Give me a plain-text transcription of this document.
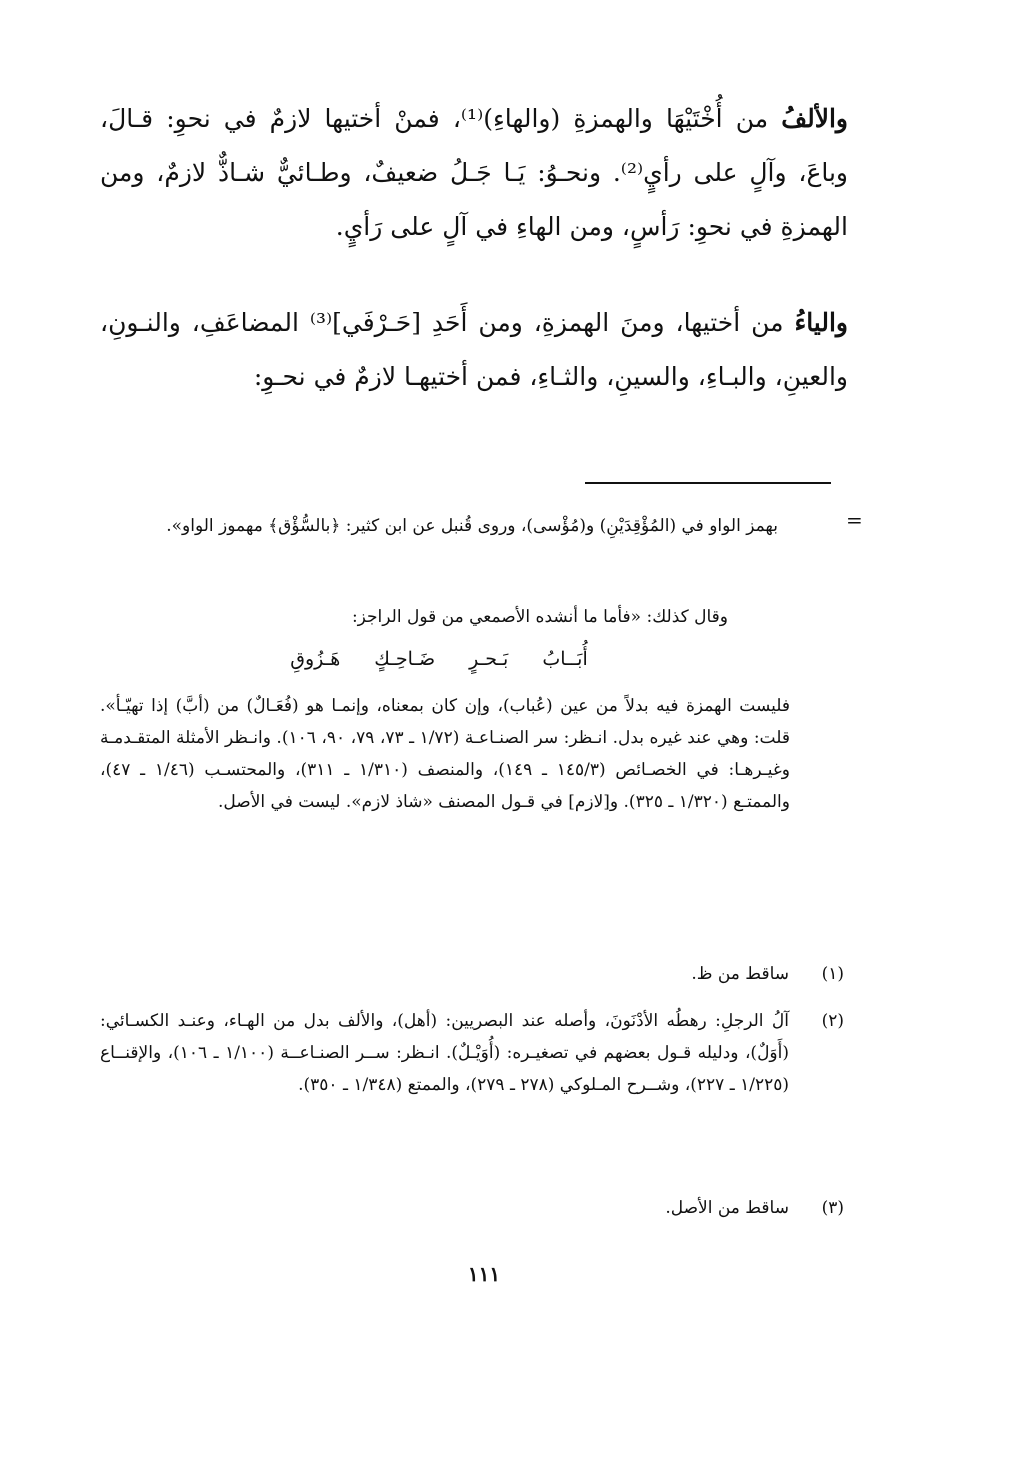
والألفُ من أُخْتَيْهَا والهمزةِ (والهاءِ)⁽¹⁾، فمنْ أختيها لازمٌ في نحوِ: قـالَ، وباعَ، وآلٍ على رأيٍ⁽²⁾. ونحـوُ: يَـا جَـلُ ضعيفٌ، وطـائيٌّ شـاذٌّ لازمٌ، ومن الهمزةِ في نحوِ: رَأسٍ، ومن الهاءِ في آلٍ على رَأيٍ.

والياءُ من أختيها، ومنَ الهمزةِ، ومن أَحَدِ [حَـرْفَي]⁽³⁾ المضاعَفِ، والنـونِ، والعينِ، والبـاءِ، والسينِ، والثـاءِ، فمن أختيهـا لازمٌ في نحـوِ:

=
بهمز الواو في (المُؤْقِدَيْنِ) و(مُؤْسى)، وروى قُنبل عن ابن كثير: ﴿بالسُّؤْق﴾ مهموز الواو».
وقال كذلك: «فأما ما أنشده الأصمعي من قول الراجز:
أُبَــابُ بَـحـرٍ ضَـاحِـكٍ هَـزُوقِ
فليست الهمزة فيه بدلاً من عين (عُباب)، وإن كان بمعناه، وإنمـا هو (فُعَـالٌ) من (أبَّ) إذا تهيّـأ». قلت: وهي عند غيره بدل. انـظر: سر الصنـاعـة (١/٧٢ ـ ٧٣، ٧٩، ٩٠، ١٠٦). وانـظر الأمثلة المتقـدمـة وغيـرهـا: في الخصـائص (١٤٥/٣ ـ ١٤٩)، والمنصف (١/٣١٠ ـ ٣١١)، والمحتسـب (١/٤٦ ـ ٤٧)، والممتـع (١/٣٢٠ ـ ٣٢٥). و[لازم] في قـول المصنف «شاذ لازم». ليست في الأصل.
(١)
ساقط من ظ.
(٢)
آلُ الرجلِ: رهطُه الأدْنَونَ، وأصله عند البصريين: (أهل)، والألف بدل من الهـاء، وعنـد الكسـائي: (أَوَلٌ)، ودليله قـول بعضهم في تصغيـره: (أُوَيْـلٌ). انـظر: ســر الصنـاعــة (١/١٠٠ ـ ١٠٦)، والإقنــاع (١/٢٢٥ ـ ٢٢٧)، وشــرح المـلوكي (٢٧٨ ـ ٢٧٩)، والممتع (١/٣٤٨ ـ ٣٥٠).
(٣)
ساقط من الأصل.
١١١
